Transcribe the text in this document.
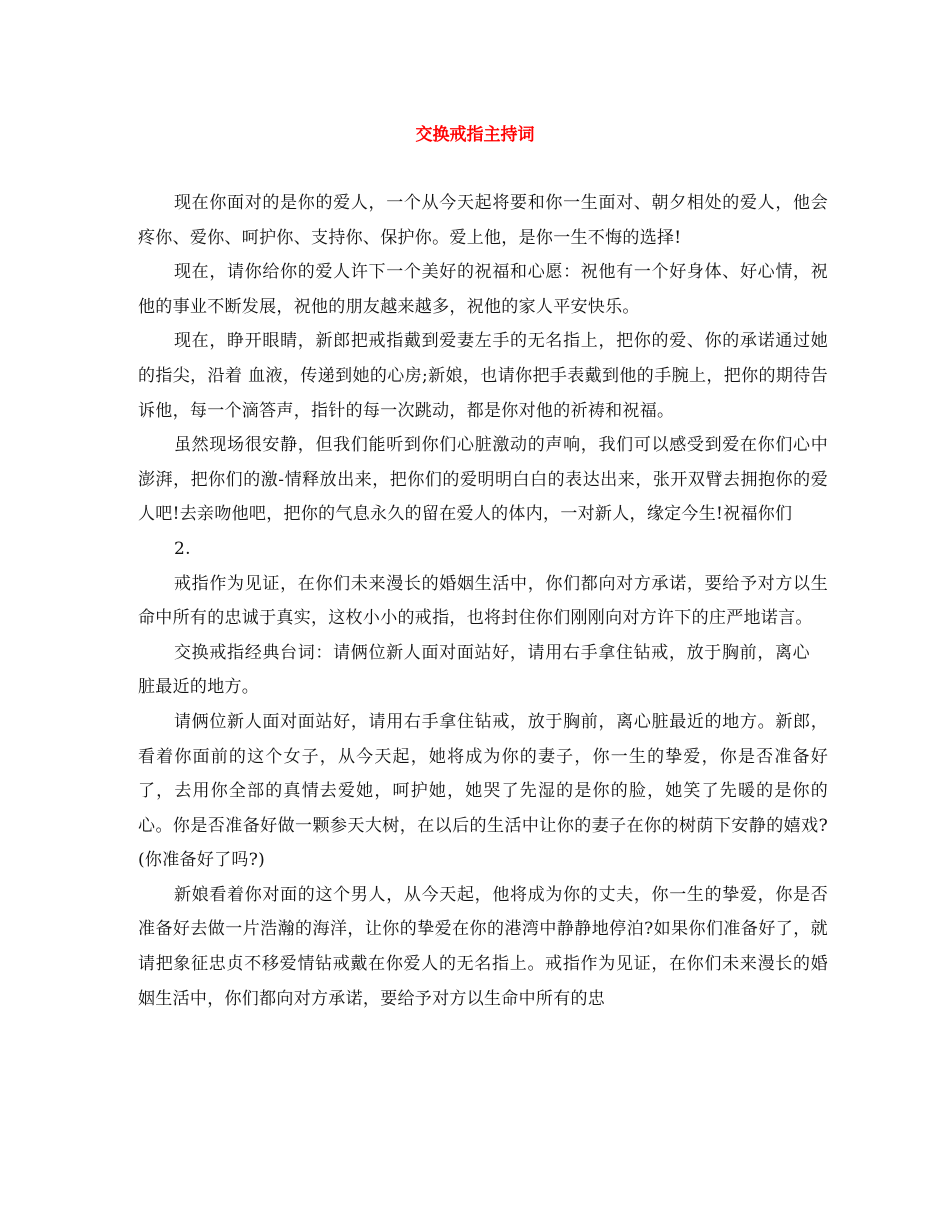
交换戒指主持词

现在你面对的是你的爱人，一个从今天起将要和你一生面对、朝夕相处的爱人，他会疼你、爱你、呵护你、支持你、保护你。爱上他，是你一生不悔的选择!

现在，请你给你的爱人许下一个美好的祝福和心愿：祝他有一个好身体、好心情，祝他的事业不断发展，祝他的朋友越来越多，祝他的家人平安快乐。

现在，睁开眼睛，新郎把戒指戴到爱妻左手的无名指上，把你的爱、你的承诺通过她的指尖，沿着 血液，传递到她的心房;新娘，也请你把手表戴到他的手腕上，把你的期待告诉他，每一个滴答声，指针的每一次跳动，都是你对他的祈祷和祝福。

虽然现场很安静，但我们能听到你们心脏激动的声响，我们可以感受到爱在你们心中澎湃，把你们的激-情释放出来，把你们的爱明明白白的表达出来，张开双臂去拥抱你的爱人吧!去亲吻他吧，把你的气息永久的留在爱人的体内，一对新人，缘定今生!祝福你们

2.

戒指作为见证，在你们未来漫长的婚姻生活中，你们都向对方承诺，要给予对方以生命中所有的忠诚于真实，这枚小小的戒指，也将封住你们刚刚向对方许下的庄严地诺言。

交换戒指经典台词：请俩位新人面对面站好，请用右手拿住钻戒，放于胸前，离心脏最近的地方。

请俩位新人面对面站好，请用右手拿住钻戒，放于胸前，离心脏最近的地方。新郎，看着你面前的这个女子，从今天起，她将成为你的妻子，你一生的挚爱，你是否准备好了，去用你全部的真情去爱她，呵护她，她哭了先湿的是你的脸，她笑了先暖的是你的心。你是否准备好做一颗参天大树，在以后的生活中让你的妻子在你的树荫下安静的嬉戏?(你准备好了吗?)

新娘看着你对面的这个男人，从今天起，他将成为你的丈夫，你一生的挚爱，你是否准备好去做一片浩瀚的海洋，让你的挚爱在你的港湾中静静地停泊?如果你们准备好了，就请把象征忠贞不移爱情钻戒戴在你爱人的无名指上。戒指作为见证，在你们未来漫长的婚姻生活中，你们都向对方承诺，要给予对方以生命中所有的忠
